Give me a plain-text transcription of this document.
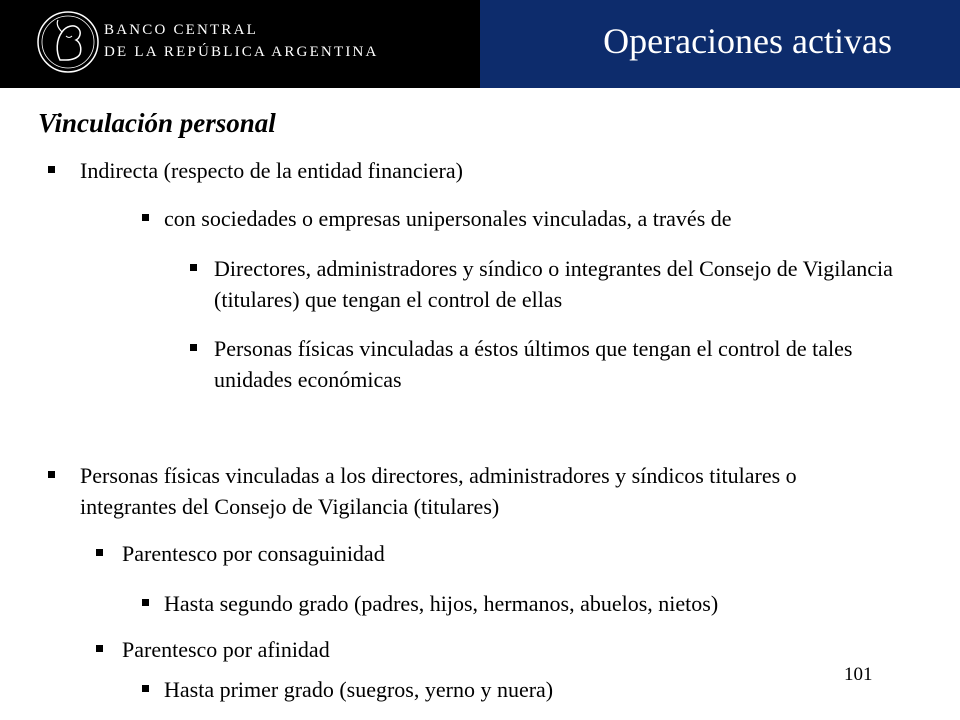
BANCO CENTRAL
DE LA REPÚBLICA ARGENTINA	Operaciones activas
Vinculación personal
Indirecta (respecto de la entidad financiera)
con sociedades o empresas unipersonales vinculadas, a través de
Directores, administradores y síndico o integrantes del Consejo de Vigilancia (titulares) que tengan el control de ellas
Personas físicas vinculadas a éstos últimos que tengan el control de tales unidades económicas
Personas físicas vinculadas a los directores, administradores y síndicos titulares o integrantes del Consejo de Vigilancia (titulares)
Parentesco por consaguinidad
Hasta segundo grado (padres, hijos, hermanos, abuelos, nietos)
Parentesco por afinidad
Hasta primer grado (suegros, yerno y nuera)
101
